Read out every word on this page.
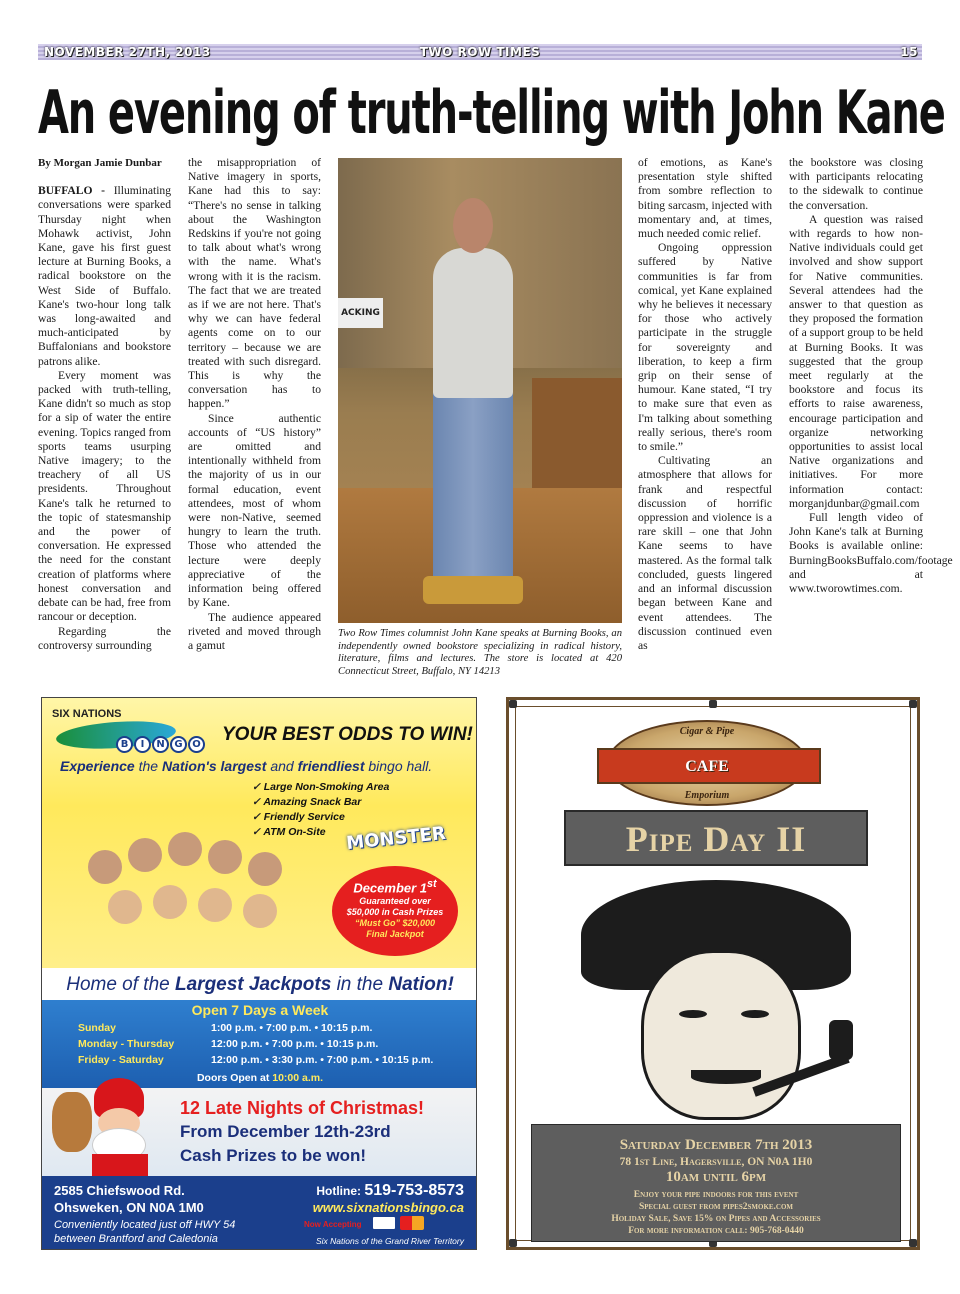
NOVEMBER 27TH, 2013	TWO ROW TIMES	15
An evening of truth-telling with John Kane

By Morgan Jamie Dunbar

BUFFALO - Illuminating conversations were sparked Thursday night when Mohawk activist, John Kane, gave his first guest lecture at Burning Books, a radical bookstore on the West Side of Buffalo. Kane's two-hour long talk was long-awaited and much-anticipated by Buffalonians and bookstore patrons alike.

Every moment was packed with truth-telling, Kane didn't so much as stop for a sip of water the entire evening. Topics ranged from sports teams usurping Native imagery; to the treachery of all US presidents. Throughout Kane's talk he returned to the topic of statesmanship and the power of conversation. He expressed the need for the constant creation of platforms where honest conversation and debate can be had, free from rancour or deception.

Regarding the controversy surrounding

the misappropriation of Native imagery in sports, Kane had this to say: “There's no sense in talking about the Washington Redskins if you're not going to talk about what's wrong with the name. What's wrong with it is the racism. The fact that we are treated as if we are not here. That's why we can have federal agents come on to our territory – because we are treated with such disregard. This is why the conversation has to happen.”

Since authentic accounts of “US history” are omitted and intentionally withheld from the majority of us in our formal education, event attendees, most of whom were non-Native, seemed hungry to learn the truth. Those who attended the lecture were deeply appreciative of the information being offered by Kane.

The audience appeared riveted and moved through a gamut

ACKING

Two Row Times columnist John Kane speaks at Burning Books, an independently owned bookstore specializing in radical history, literature, films and lectures. The store is located at 420 Connecticut Street, Buffalo, NY 14213

of emotions, as Kane's presentation style shifted from sombre reflection to biting sarcasm, injected with momentary and, at times, much needed comic relief.

Ongoing oppression suffered by Native communities is far from comical, yet Kane explained why he believes it necessary for those who actively participate in the struggle for sovereignty and liberation, to keep a firm grip on their sense of humour. Kane stated, “I try to make sure that even as I'm talking about something really serious, there's room to smile.”

Cultivating an atmosphere that allows for frank and respectful discussion of horrific oppression and violence is a rare skill – one that John Kane seems to have mastered. As the formal talk concluded, guests lingered and an informal discussion began between Kane and event attendees. The discussion continued even as

the bookstore was closing with participants relocating to the sidewalk to continue the conversation.

A question was raised with regards to how non-Native individuals could get involved and show support for Native communities. Several attendees had the answer to that question as they proposed the formation of a support group to be held at Burning Books. It was suggested that the group meet regularly at the bookstore and focus its efforts to raise awareness, encourage participation and organize networking opportunities to assist local Native organizations and initiatives. For more information contact: morganjdunbar@gmail.com

Full length video of John Kane's talk at Burning Books is available online: BurningBooksBuffalo.com/footage and at www.tworowtimes.com.

SIX NATIONS
B	I	N G O YOUR BEST ODDS TO WIN!
Experience the Nation's largest and friendliest bingo hall.
✓ Large Non-Smoking Area
✓ Amazing Snack Bar
✓ Friendly Service
✓ ATM On-Site	MONSTER
December 1st
Guaranteed over
$50,000 in Cash Prizes
“Must Go” $20,000
Final Jackpot
Home of the Largest Jackpots in the Nation!
Open 7 Days a Week
Sunday	1:00 p.m. • 7:00 p.m. • 10:15 p.m.
Monday - Thursday	12:00 p.m. • 7:00 p.m. • 10:15 p.m.
Friday - Saturday	12:00 p.m. • 3:30 p.m. • 7:00 p.m. • 10:15 p.m.
Doors Open at 10:00 a.m.
12 Late Nights of Christmas!
From December 12th-23rd
Cash Prizes to be won!
2585 Chiefswood Rd.
Ohsweken, ON N0A 1M0
Conveniently located just off HWY 54
between Brantford and Caledonia
Hotline: 519-753-8573
www.sixnationsbingo.ca
Now Accepting
Six Nations of the Grand River Territory
Cigar & Pipe
CAFE
Emporium
Pipe Day II
Saturday December 7th 2013
78 1st Line, Hagersville, ON N0A 1H0
10am until 6pm
Enjoy your pipe indoors for this event
Special guest from pipes2smoke.com
Holiday Sale, Save 15% on Pipes and Accessories
For more information call: 905-768-0440
